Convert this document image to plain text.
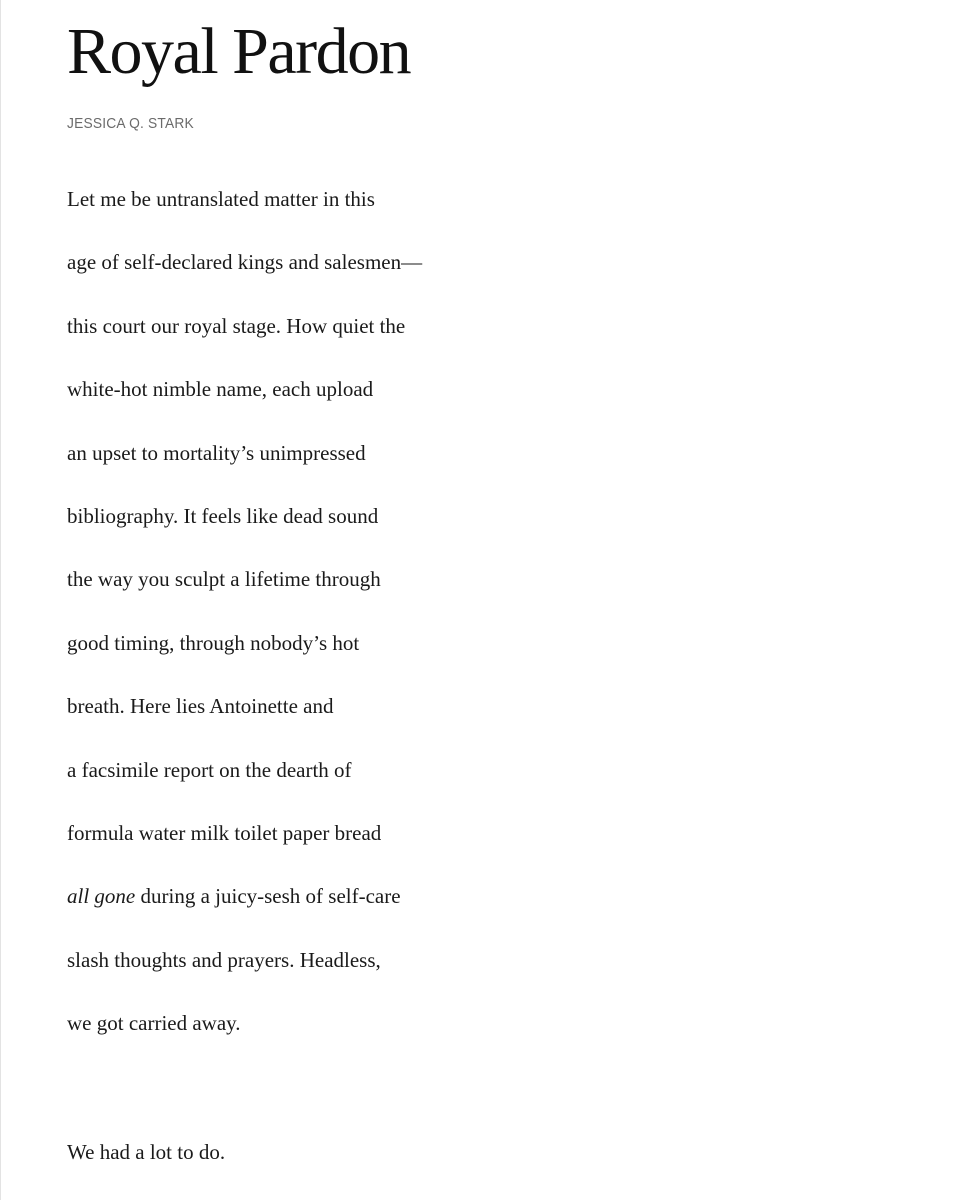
Royal Pardon

JESSICA Q. STARK

Let me be untranslated matter in this
age of self-declared kings and salesmen—
this court our royal stage. How quiet the
white-hot nimble name, each upload
an upset to mortality’s unimpressed
bibliography. It feels like dead sound
the way you sculpt a lifetime through
good timing, through nobody’s hot
breath. Here lies Antoinette and
a facsimile report on the dearth of
formula water milk toilet paper bread
all gone during a juicy-sesh of self-care
slash thoughts and prayers. Headless,
we got carried away.
We had a lot to do.
